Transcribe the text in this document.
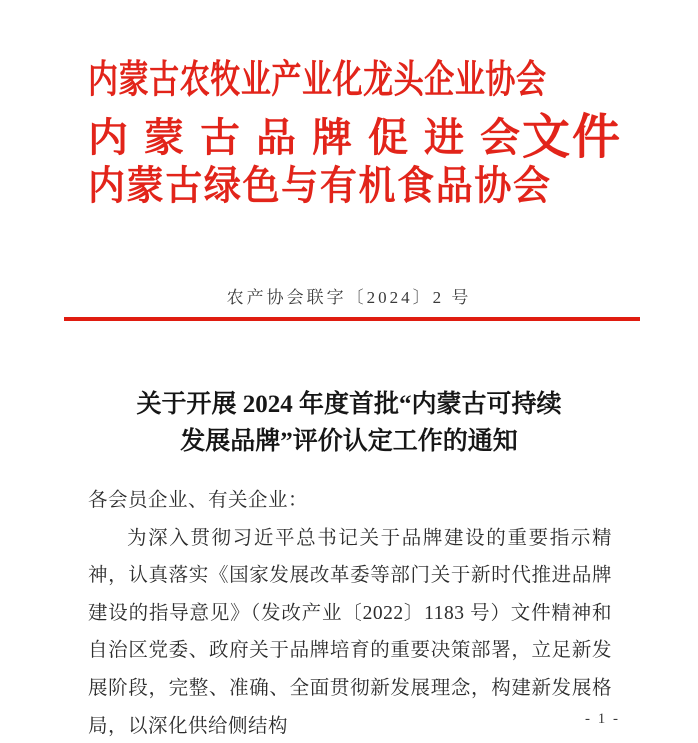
内蒙古农牧业产业化龙头企业协会
内蒙古品牌促进会 文件
内蒙古绿色与有机食品协会
农产协会联字〔2024〕2 号
关于开展 2024 年度首批“内蒙古可持续
发展品牌”评价认定工作的通知

各会员企业、有关企业：

为深入贯彻习近平总书记关于品牌建设的重要指示精神，认真落实《国家发展改革委等部门关于新时代推进品牌建设的指导意见》（发改产业〔2022〕1183 号）文件精神和自治区党委、政府关于品牌培育的重要决策部署，立足新发展阶段，完整、准确、全面贯彻新发展理念，构建新发展格局，以深化供给侧结构	- 1 -
